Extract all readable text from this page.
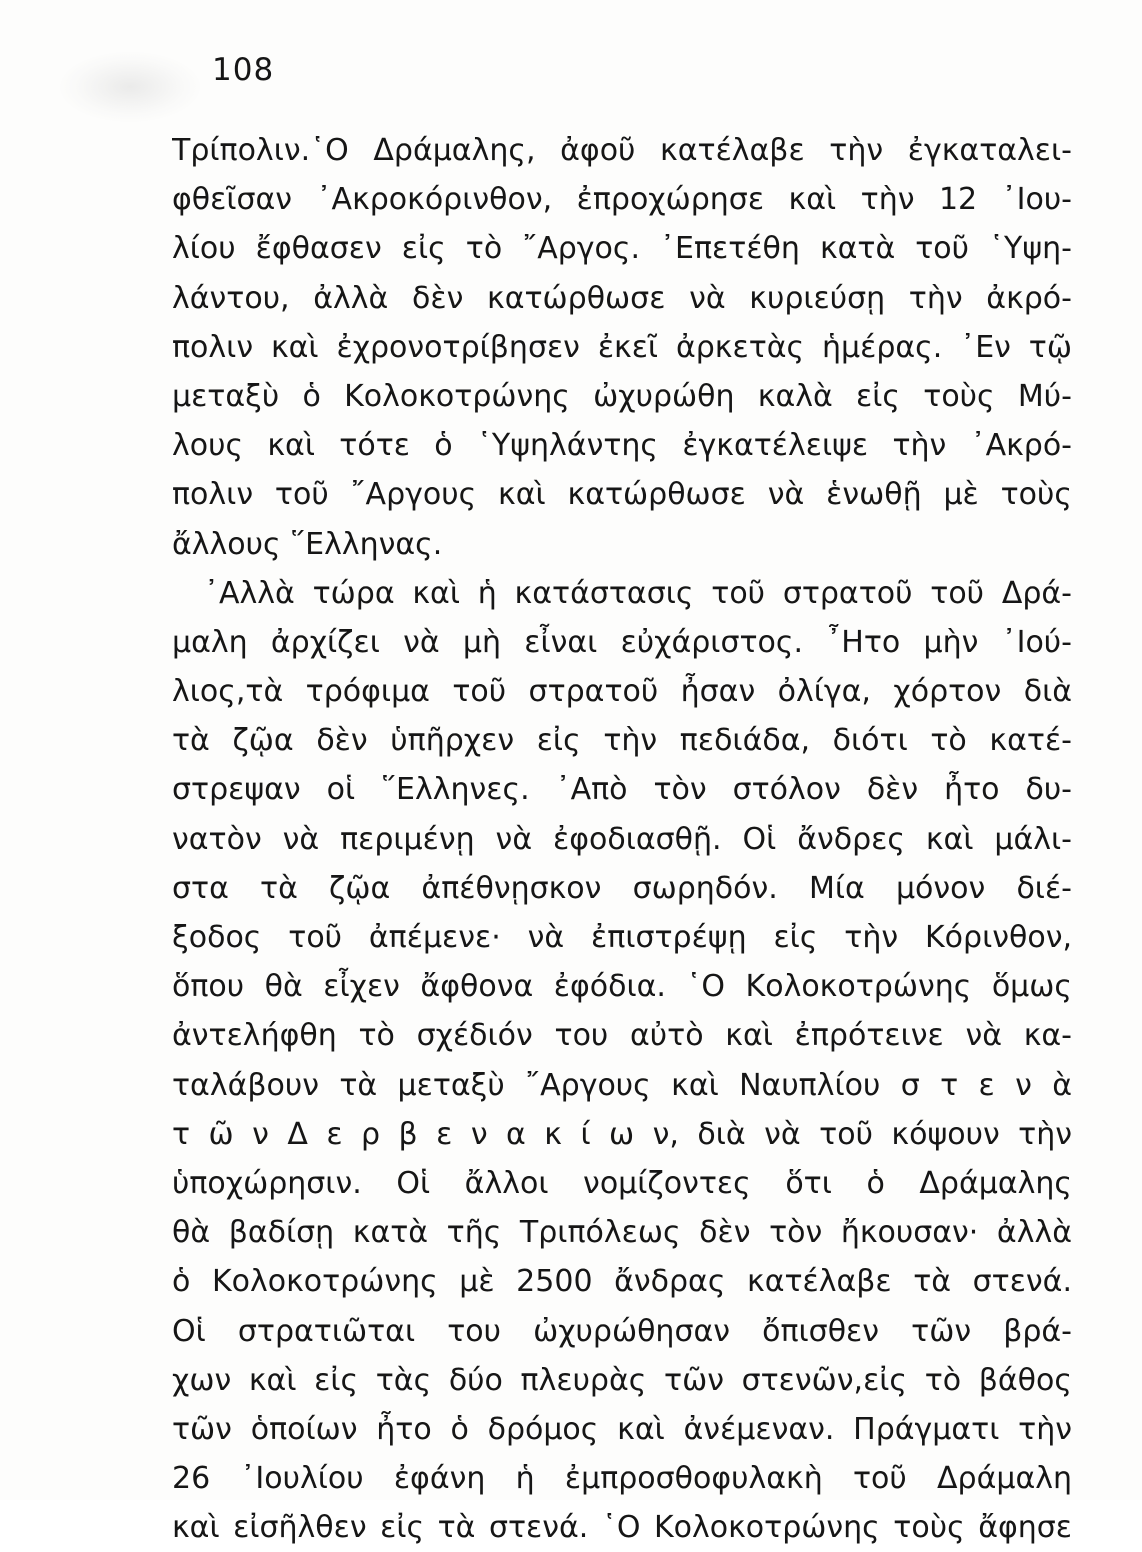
108
Τρίπολιν.῾Ο Δράμαλης, ἀφοῦ κατέλαβε τὴν ἐγκαταλει-
φθεῖσαν ᾿Ακροκόρινθον, ἐπροχώρησε καὶ τὴν 12 ᾿Ιου-
λίου ἔφθασεν εἰς τὸ ῎Αργος. ᾿Επετέθη κατὰ τοῦ ῾Υψη-
λάντου, ἀλλὰ δὲν κατώρθωσε νὰ κυριεύσῃ τὴν ἀκρό-
πολιν καὶ ἐχρονοτρίβησεν ἐκεῖ ἀρκετὰς ἡμέρας. ᾿Εν τῷ
μεταξὺ ὁ Κολοκοτρώνης ὠχυρώθη καλὰ εἰς τοὺς Μύ-
λους καὶ τότε ὁ ῾Υψηλάντης ἐγκατέλειψε τὴν ᾿Ακρό-
πολιν τοῦ ῎Αργους καὶ κατώρθωσε νὰ ἑνωθῇ μὲ τοὺς
ἄλλους ῞Ελληνας.
᾿Αλλὰ τώρα καὶ ἡ κατάστασις τοῦ στρατοῦ τοῦ Δρά-
μαλη ἀρχίζει νὰ μὴ εἶναι εὐχάριστος. ῏Ητο μὴν ᾿Ιού-
λιος,τὰ τρόφιμα τοῦ στρατοῦ ἦσαν ὀλίγα, χόρτον διὰ
τὰ ζῷα δὲν ὑπῆρχεν εἰς τὴν πεδιάδα, διότι τὸ κατέ-
στρεψαν οἱ ῞Ελληνες. ᾿Απὸ τὸν στόλον δὲν ἦτο δυ-
νατὸν νὰ περιμένῃ νὰ ἐφοδιασθῇ. Οἱ ἄνδρες καὶ μάλι-
στα τὰ ζῷα ἀπέθνῃσκον σωρηδόν. Μία μόνον διέ-
ξοδος τοῦ ἀπέμενε· νὰ ἐπιστρέψῃ εἰς τὴν Κόρινθον,
ὅπου θὰ εἶχεν ἄφθονα ἐφόδια. ῾Ο Κολοκοτρώνης ὅμως
ἀντελήφθη τὸ σχέδιόν του αὐτὸ καὶ ἐπρότεινε νὰ κα-
ταλάβουν τὰ μεταξὺ ῎Αργους καὶ Ναυπλίου σ τ ε ν ὰ
τ ῶ ν Δ ε ρ β ε ν α κ ί ω ν, διὰ νὰ τοῦ κόψουν τὴν
ὑποχώρησιν. Οἱ ἄλλοι νομίζοντες ὅτι ὁ Δράμαλης
θὰ βαδίσῃ κατὰ τῆς Τριπόλεως δὲν τὸν ἤκουσαν· ἀλλὰ
ὁ Κολοκοτρώνης μὲ 2500 ἄνδρας κατέλαβε τὰ στενά.
Οἱ στρατιῶται του ὠχυρώθησαν ὄπισθεν τῶν βρά-
χων καὶ εἰς τὰς δύο πλευρὰς τῶν στενῶν,εἰς τὸ βάθος
τῶν ὁποίων ἦτο ὁ δρόμος καὶ ἀνέμεναν. Πράγματι τὴν
26 ᾿Ιουλίου ἐφάνη ἡ ἐμπροσθοφυλακὴ τοῦ Δράμαλη
καὶ εἰσῆλθεν εἰς τὰ στενά. ῾Ο Κολοκοτρώνης τοὺς ἄφησε
